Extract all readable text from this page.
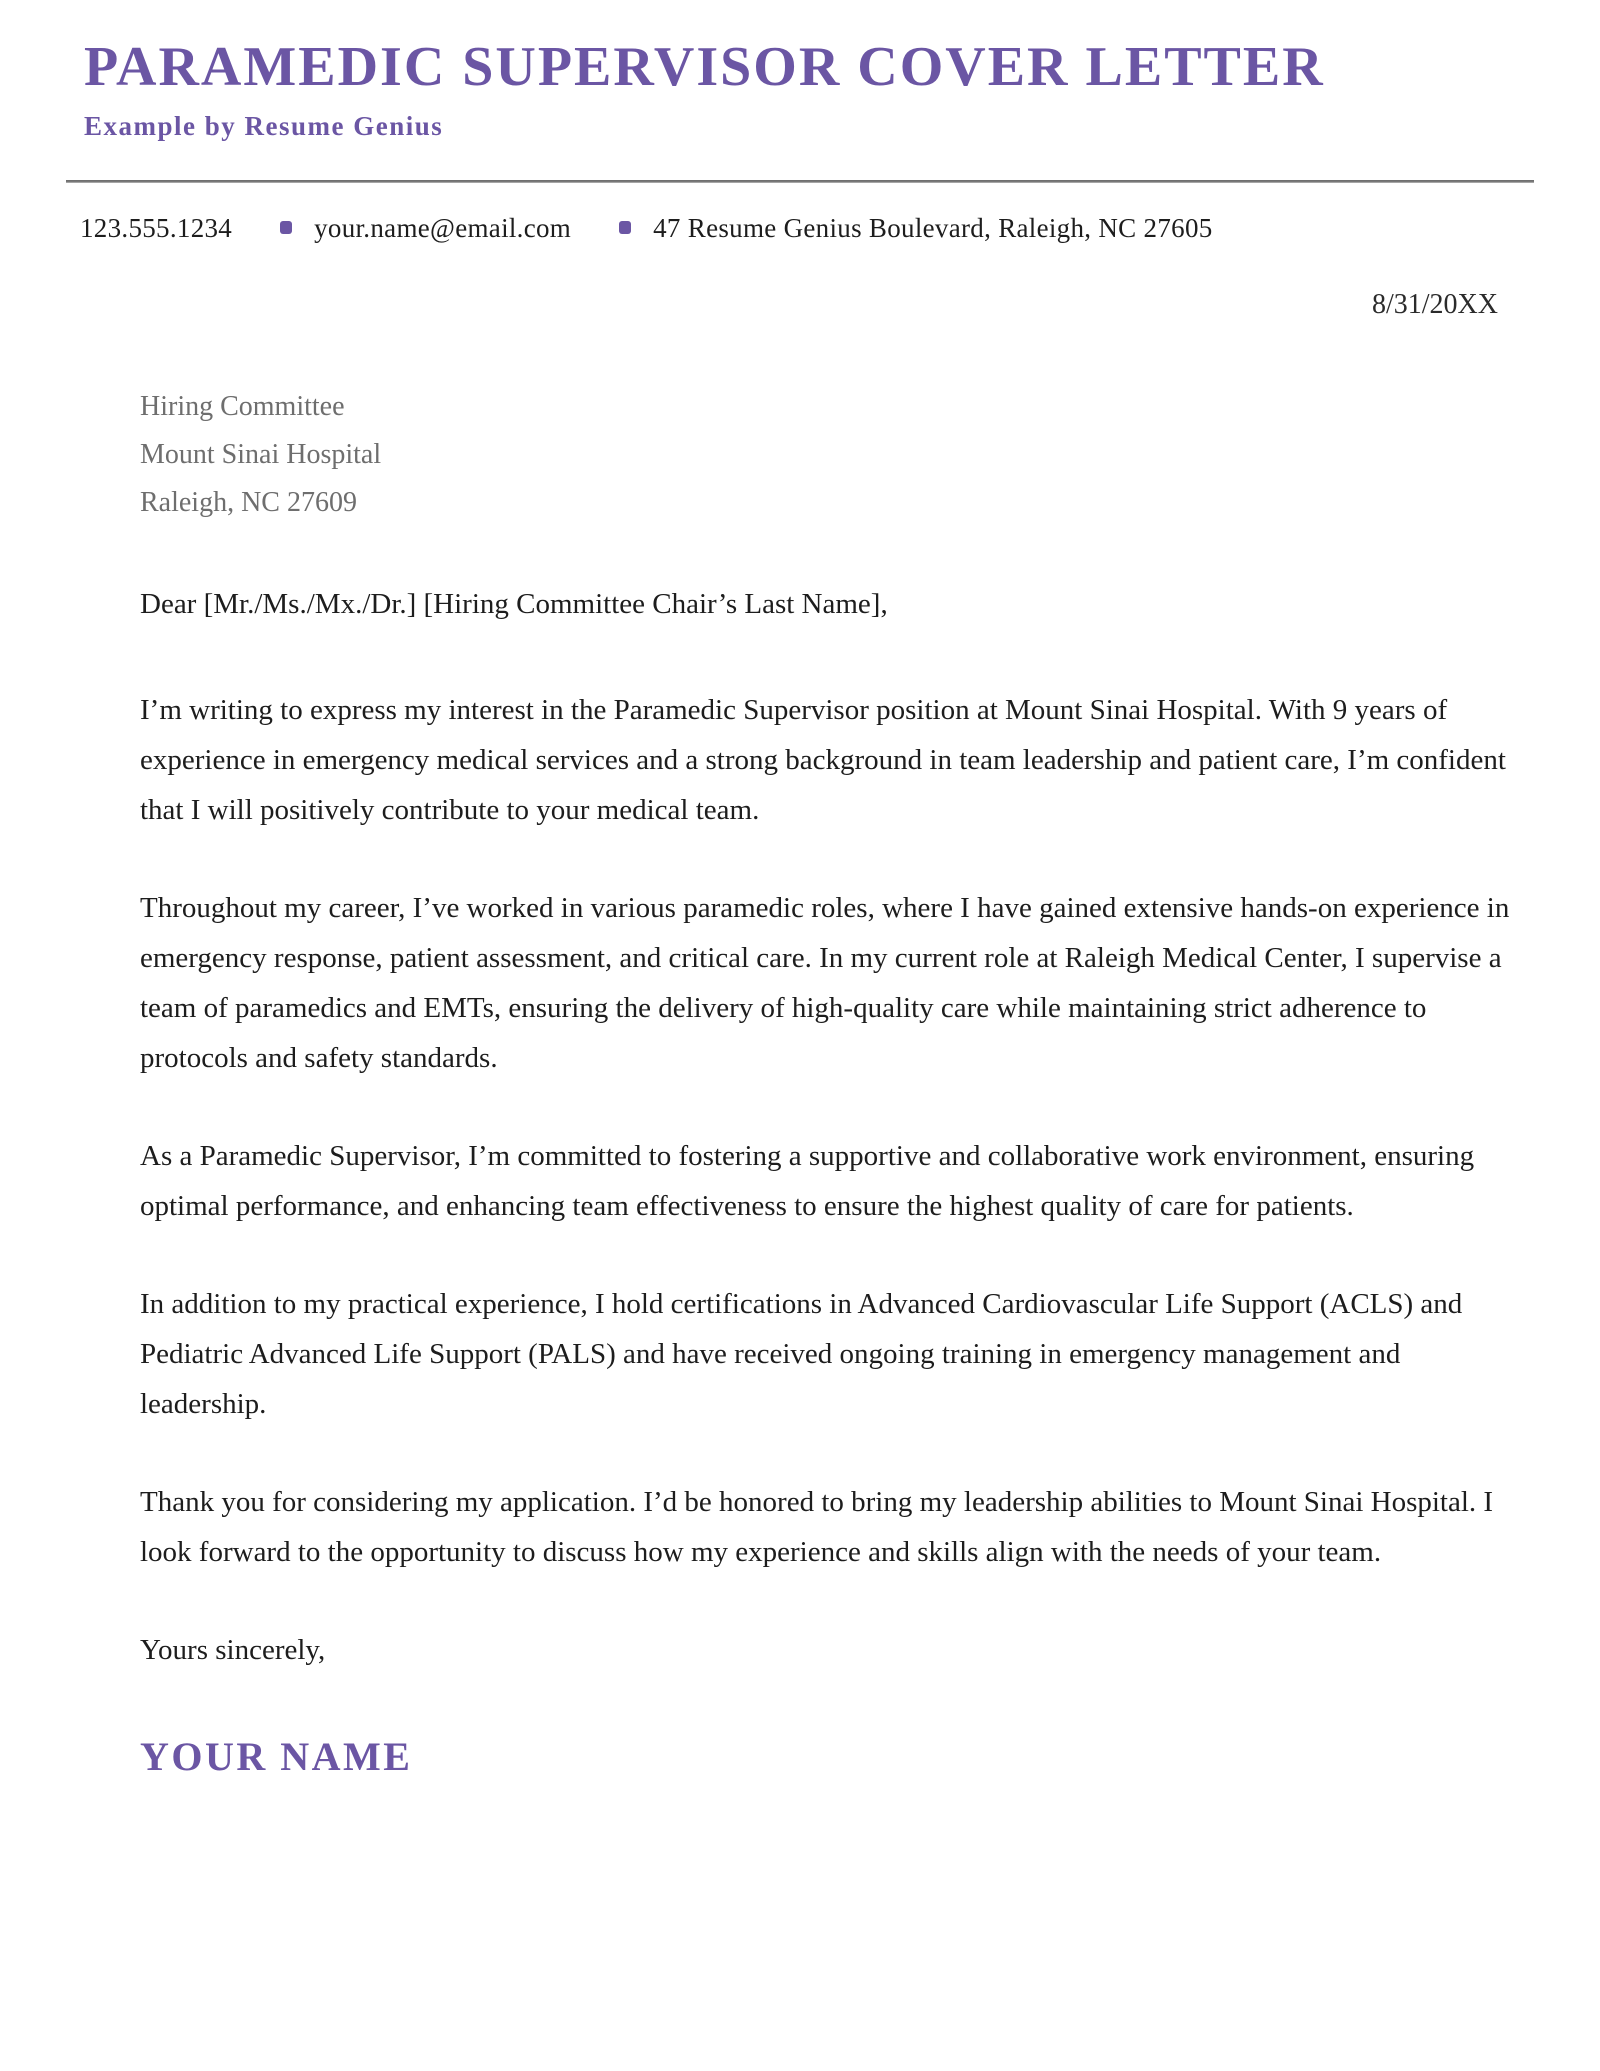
PARAMEDIC SUPERVISOR COVER LETTER
Example by Resume Genius
123.555.1234	your.name@email.com	47 Resume Genius Boulevard, Raleigh, NC 27605
8/31/20XX
Hiring Committee
Mount Sinai Hospital
Raleigh, NC 27609

Dear [Mr./Ms./Mx./Dr.] [Hiring Committee Chair’s Last Name],

I’m writing to express my interest in the Paramedic Supervisor position at Mount Sinai Hospital. With 9 years of experience in emergency medical services and a strong background in team leadership and patient care, I’m confident that I will positively contribute to your medical team.

Throughout my career, I’ve worked in various paramedic roles, where I have gained extensive hands-on experience in emergency response, patient assessment, and critical care. In my current role at Raleigh Medical Center, I supervise a team of paramedics and EMTs, ensuring the delivery of high-quality care while maintaining strict adherence to protocols and safety standards.

As a Paramedic Supervisor, I’m committed to fostering a supportive and collaborative work environment, ensuring optimal performance, and enhancing team effectiveness to ensure the highest quality of care for patients.

In addition to my practical experience, I hold certifications in Advanced Cardiovascular Life Support (ACLS) and Pediatric Advanced Life Support (PALS) and have received ongoing training in emergency management and leadership.

Thank you for considering my application. I’d be honored to bring my leadership abilities to Mount Sinai Hospital. I look forward to the opportunity to discuss how my experience and skills align with the needs of your team.

Yours sincerely,

YOUR NAME
